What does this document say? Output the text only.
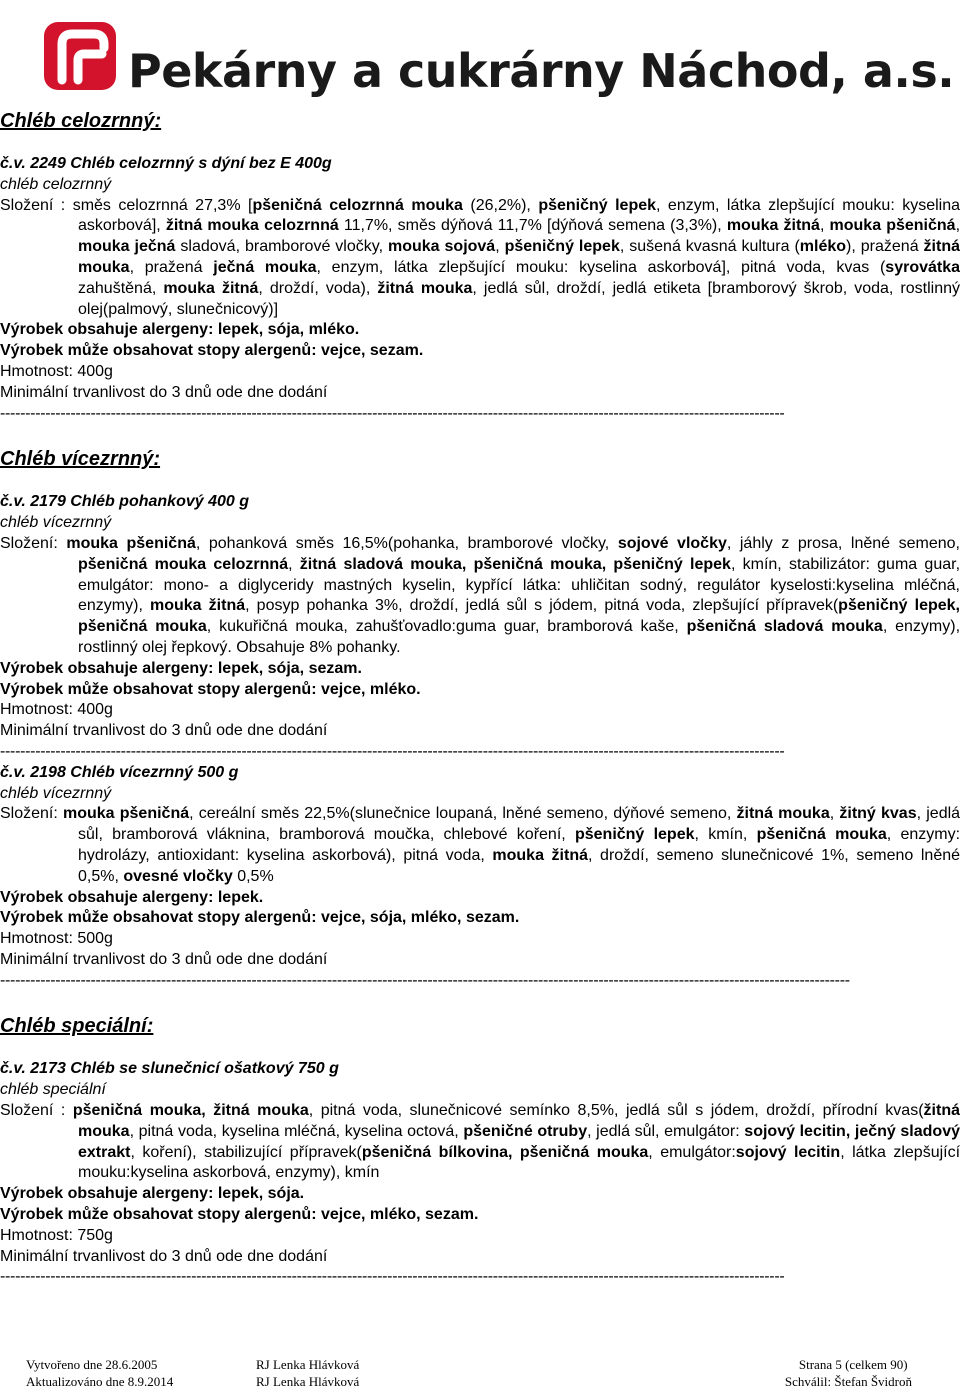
Pekárny a cukrárny Náchod, a.s.

Chléb celozrnný:

č.v. 2249 Chléb celozrnný s dýní bez E 400g
chléb celozrnný
Složení : směs celozrnná 27,3% [pšeničná celozrnná mouka (26,2%), pšeničný lepek, enzym, látka zlepšující mouku: kyselina askorbová], žitná mouka celozrnná 11,7%, směs dýňová 11,7% [dýňová semena (3,3%), mouka žitná, mouka pšeničná, mouka ječná sladová, bramborové vločky, mouka sojová, pšeničný lepek, sušená kvasná kultura (mléko), pražená žitná mouka, pražená ječná mouka, enzym, látka zlepšující mouku: kyselina askorbová], pitná voda, kvas (syrovátka zahuštěná, mouka žitná, droždí, voda), žitná mouka, jedlá sůl, droždí, jedlá etiketa [bramborový škrob, voda, rostlinný olej(palmový, slunečnicový)]
Výrobek obsahuje alergeny: lepek, sója, mléko.
Výrobek může obsahovat stopy alergenů: vejce, sezam.
Hmotnost: 400g
Minimální trvanlivost do 3 dnů ode dne dodání
------------------------------------------------------------------------------------------------------------------------------------------------------------

Chléb vícezrnný:

č.v. 2179 Chléb pohankový 400 g
chléb vícezrnný
Složení: mouka pšeničná, pohanková směs 16,5%(pohanka, bramborové vločky, sojové vločky, jáhly z prosa, lněné semeno, pšeničná mouka celozrnná, žitná sladová mouka, pšeničná mouka, pšeničný lepek, kmín, stabilizátor: guma guar, emulgátor: mono- a diglyceridy mastných kyselin, kypřící látka: uhličitan sodný, regulátor kyselosti:kyselina mléčná, enzymy), mouka žitná, posyp pohanka 3%, droždí, jedlá sůl s jódem, pitná voda, zlepšující přípravek(pšeničný lepek, pšeničná mouka, kukuřičná mouka, zahušťovadlo:guma guar, bramborová kaše, pšeničná sladová mouka, enzymy), rostlinný olej řepkový. Obsahuje 8% pohanky.
Výrobek obsahuje alergeny: lepek, sója, sezam.
Výrobek může obsahovat stopy alergenů: vejce, mléko.
Hmotnost: 400g
Minimální trvanlivost do 3 dnů ode dne dodání
------------------------------------------------------------------------------------------------------------------------------------------------------------
č.v. 2198 Chléb vícezrnný 500 g
chléb vícezrnný
Složení: mouka pšeničná, cereální směs 22,5%(slunečnice loupaná, lněné semeno, dýňové semeno, žitná mouka, žitný kvas, jedlá sůl, bramborová vláknina, bramborová moučka, chlebové koření, pšeničný lepek, kmín, pšeničná mouka, enzymy: hydrolázy, antioxidant: kyselina askorbová), pitná voda, mouka žitná, droždí, semeno slunečnicové 1%, semeno lněné 0,5%, ovesné vločky 0,5%
Výrobek obsahuje alergeny: lepek.
Výrobek může obsahovat stopy alergenů: vejce, sója, mléko, sezam.
Hmotnost: 500g
Minimální trvanlivost do 3 dnů ode dne dodání
-------------------------------------------------------------------------------------------------------------------------------------------------------------------------

Chléb speciální:

č.v. 2173 Chléb se slunečnicí ošatkový 750 g
chléb speciální
Složení : pšeničná mouka, žitná mouka, pitná voda, slunečnicové semínko 8,5%, jedlá sůl s jódem, droždí, přírodní kvas(žitná mouka, pitná voda, kyselina mléčná, kyselina octová, pšeničné otruby, jedlá sůl, emulgátor: sojový lecitin, ječný sladový extrakt, koření), stabilizující přípravek(pšeničná bílkovina, pšeničná mouka, emulgátor:sojový lecitin, látka zlepšující mouku:kyselina askorbová, enzymy), kmín
Výrobek obsahuje alergeny: lepek, sója.
Výrobek může obsahovat stopy alergenů: vejce, mléko, sezam.
Hmotnost: 750g
Minimální trvanlivost do 3 dnů ode dne dodání
------------------------------------------------------------------------------------------------------------------------------------------------------------
Vytvořeno dne 28.6.2005
Aktualizováno dne 8.9.2014
RJ Lenka Hlávková
RJ Lenka Hlávková
Strana 5 (celkem 90)
Schválil: Štefan Švidroň
